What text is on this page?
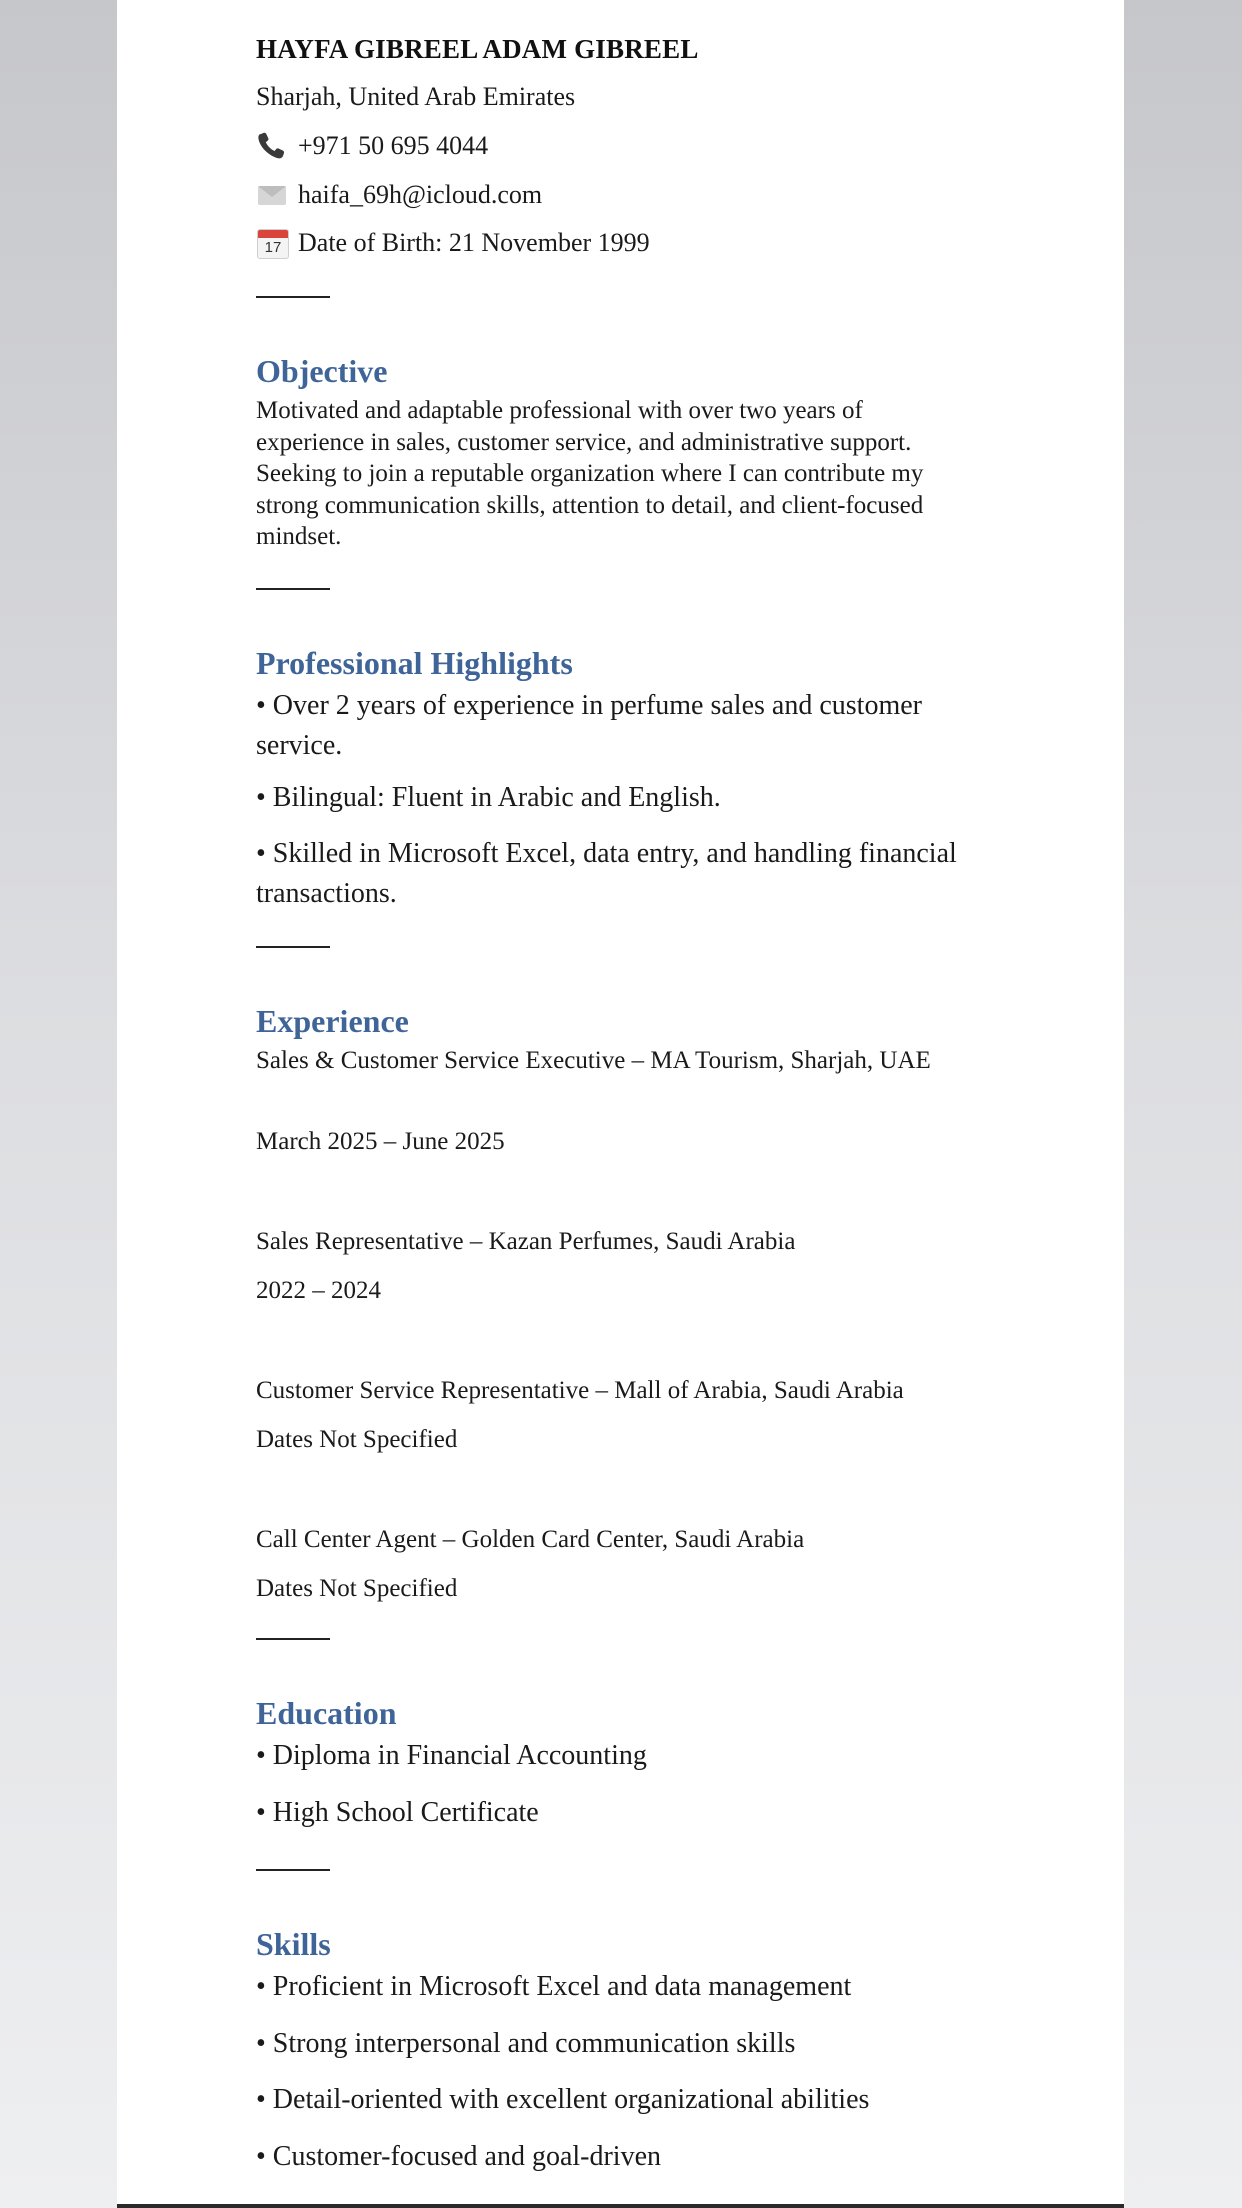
HAYFA GIBREEL ADAM GIBREEL
Sharjah, United Arab Emirates
+971 50 695 4044
haifa_69h@icloud.com
17 Date of Birth: 21 November 1999
Objective
Motivated and adaptable professional with over two years of experience in sales, customer service, and administrative support. Seeking to join a reputable organization where I can contribute my strong communication skills, attention to detail, and client-focused mindset.
Professional Highlights
• Over 2 years of experience in perfume sales and customer service.
• Bilingual: Fluent in Arabic and English.
• Skilled in Microsoft Excel, data entry, and handling financial transactions.
Experience
Sales & Customer Service Executive – MA Tourism, Sharjah, UAE
March 2025 – June 2025
Sales Representative – Kazan Perfumes, Saudi Arabia
2022 – 2024
Customer Service Representative – Mall of Arabia, Saudi Arabia
Dates Not Specified
Call Center Agent – Golden Card Center, Saudi Arabia
Dates Not Specified
Education
• Diploma in Financial Accounting
• High School Certificate
Skills
• Proficient in Microsoft Excel and data management
• Strong interpersonal and communication skills
• Detail-oriented with excellent organizational abilities
• Customer-focused and goal-driven
